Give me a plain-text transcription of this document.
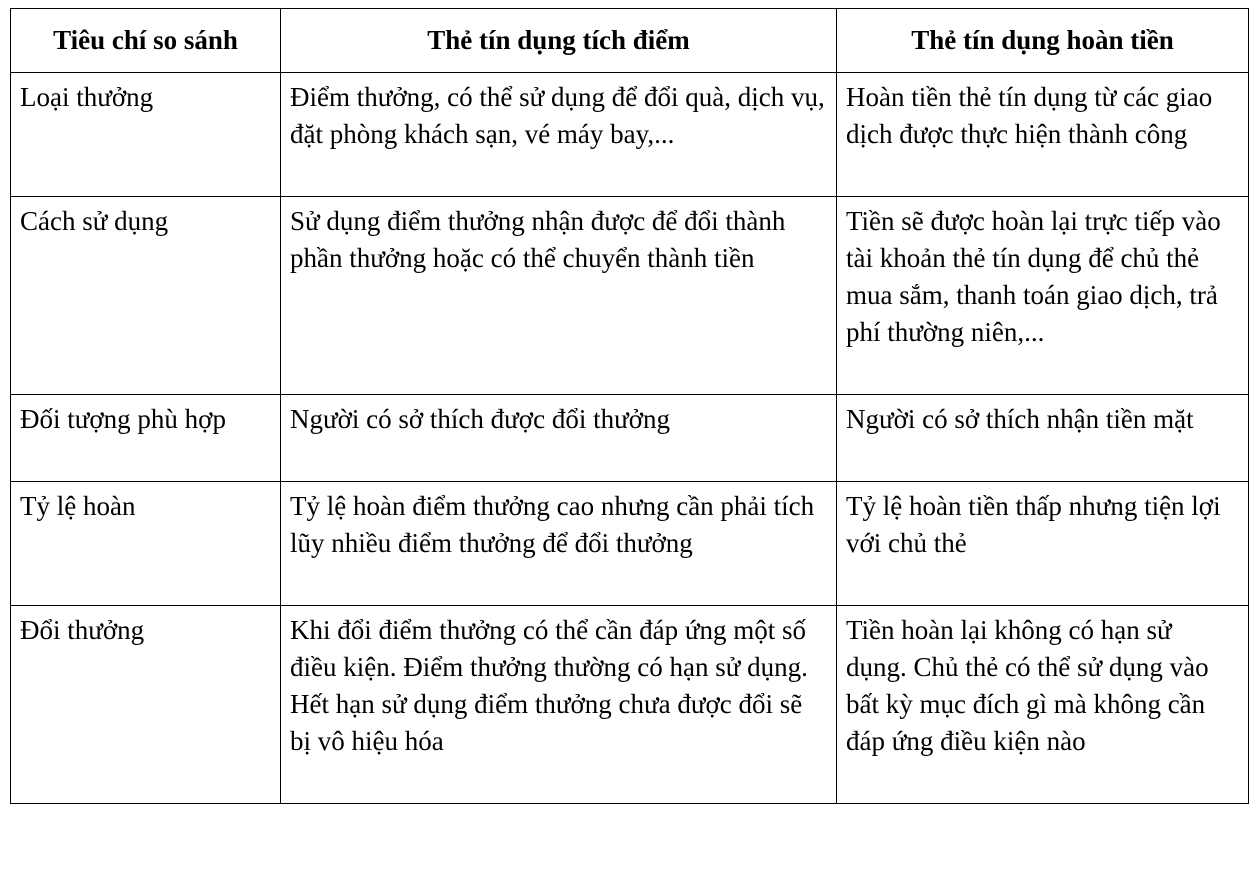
Tiêu chí so sánh	Thẻ tín dụng tích điểm	Thẻ tín dụng hoàn tiền
Loại thưởng	Điểm thưởng, có thể sử dụng để đổi quà, dịch vụ, đặt phòng khách sạn, vé máy bay,...	Hoàn tiền thẻ tín dụng từ các giao dịch được thực hiện thành công
Cách sử dụng	Sử dụng điểm thưởng nhận được để đổi thành phần thưởng hoặc có thể chuyển thành tiền	Tiền sẽ được hoàn lại trực tiếp vào tài khoản thẻ tín dụng để chủ thẻ mua sắm, thanh toán giao dịch, trả phí thường niên,...
Đối tượng phù hợp	Người có sở thích được đổi thưởng	Người có sở thích nhận tiền mặt
Tỷ lệ hoàn	Tỷ lệ hoàn điểm thưởng cao nhưng cần phải tích lũy nhiều điểm thưởng để đổi thưởng	Tỷ lệ hoàn tiền thấp nhưng tiện lợi với chủ thẻ
Đổi thưởng	Khi đổi điểm thưởng có thể cần đáp ứng một số điều kiện. Điểm thưởng thường có hạn sử dụng. Hết hạn sử dụng điểm thưởng chưa được đổi sẽ bị vô hiệu hóa	Tiền hoàn lại không có hạn sử dụng. Chủ thẻ có thể sử dụng vào bất kỳ mục đích gì mà không cần đáp ứng điều kiện nào
